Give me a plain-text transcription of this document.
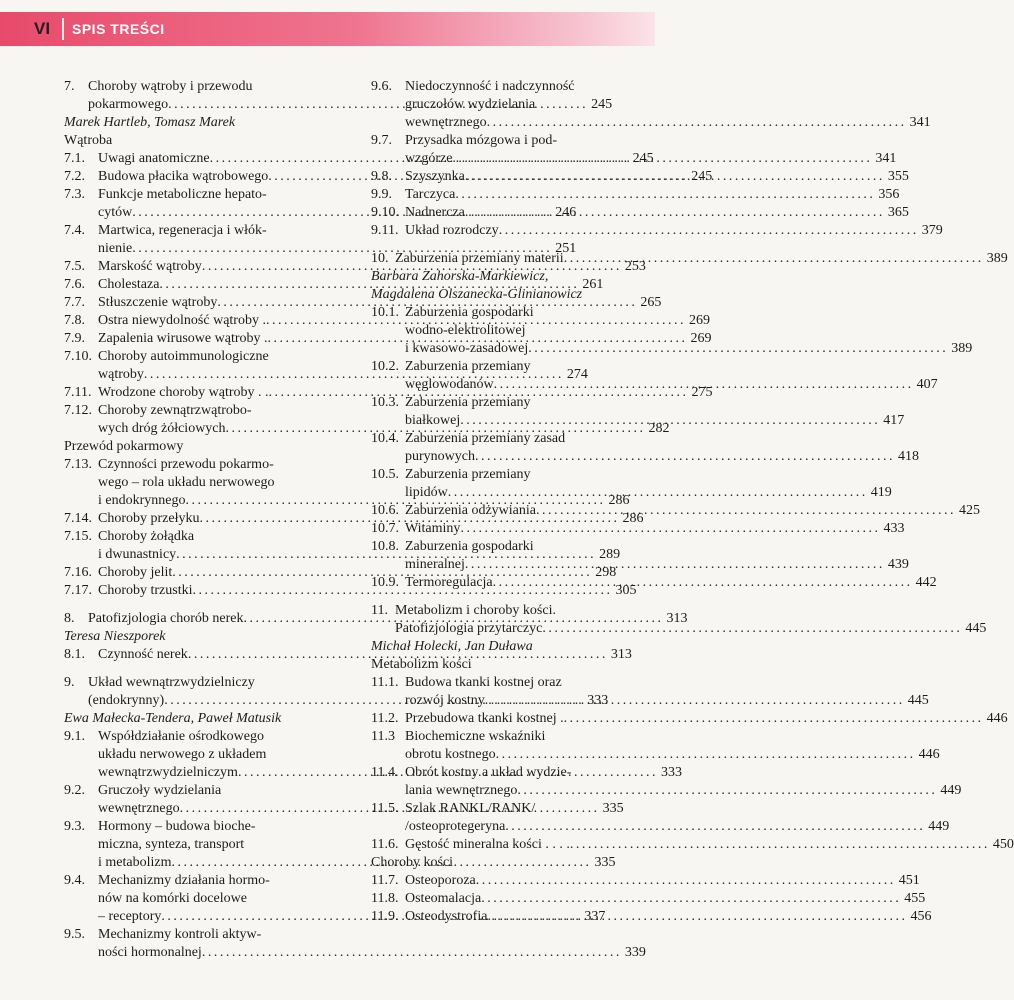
VI SPIS TREŚCI
7. Choroby wątroby i przewodu
pokarmowego . . .	245
Marek Hartleb, Tomasz Marek
Wątroba
7.1. Uwagi anatomiczne . . .	245
7.2. Budowa płacika wątrobowego . . .	245
7.3. Funkcje metaboliczne hepato-
cytów . . .	246
7.4. Martwica, regeneracja i włók-
nienie . . .	251
7.5. Marskość wątroby . . .	253
7.6. Cholestaza . . .	261
7.7. Stłuszczenie wątroby . . .	265
7.8. Ostra niewydolność wątroby . . . .	269
7.9. Zapalenia wirusowe wątroby . . . .	269
7.10. Choroby autoimmunologiczne
wątroby . . .	274
7.11. Wrodzone choroby wątroby . . . . .	275
7.12. Choroby zewnątrzwątrobo-
wych dróg żółciowych . . .	282
Przewód pokarmowy
7.13. Czynności przewodu pokarmo-
wego – rola układu nerwowego
i endokrynnego . . .	286
7.14. Choroby przełyku . . .	286
7.15. Choroby żołądka
i dwunastnicy . . .	289
7.16. Choroby jelit . . .	298
7.17. Choroby trzustki . . .	305
8. Patofizjologia chorób nerek . . .	313
Teresa Nieszporek
8.1. Czynność nerek . . .	313
9. Układ wewnątrzwydzielniczy
(endokrynny) . . .	333
Ewa Małecka-Tendera, Paweł Matusik
9.1. Współdziałanie ośrodkowego
układu nerwowego z układem
wewnątrzwydzielniczym . . .	333
9.2. Gruczoły wydzielania
wewnętrznego . . .	335
9.3. Hormony – budowa bioche-
miczna, synteza, transport
i metabolizm . . .	335
9.4. Mechanizmy działania hormo-
nów na komórki docelowe
– receptory . . .	337
9.5. Mechanizmy kontroli aktyw-
ności hormonalnej . . .	339
9.6. Niedoczynność i nadczynność
gruczołów wydzielania
wewnętrznego . . .	341
9.7. Przysadka mózgowa i pod-
wzgórze . . .	341
9.8. Szyszynka . . .	355
9.9. Tarczyca . . .	356
9.10. Nadnercza . . .	365
9.11. Układ rozrodczy . . .	379
10. Zaburzenia przemiany materii . . .	389
Barbara Zahorska-Markiewicz,
Magdalena Olszanecka-Glinianowicz
10.1. Zaburzenia gospodarki
wodno-elektrolitowej
i kwasowo-zasadowej . . .	389
10.2. Zaburzenia przemiany
węglowodanów . . .	407
10.3. Zaburzenia przemiany
białkowej . . .	417
10.4. Zaburzenia przemiany zasad
purynowych . . .	418
10.5. Zaburzenia przemiany
lipidów . . .	419
10.6. Zaburzenia odżywiania . . .	425
10.7. Witaminy . . .	433
10.8. Zaburzenia gospodarki
mineralnej . . .	439
10.9. Termoregulacja . . .	442
11. Metabolizm i choroby kości.
Patofizjologia przytarczyc . . .	445
Michał Holecki, Jan Duława
Metabolizm kości
11.1. Budowa tkanki kostnej oraz
rozwój kostny . . .	445
11.2. Przebudowa tkanki kostnej . . . .	446
11.3 Biochemiczne wskaźniki
obrotu kostnego . . .	446
11.4. Obrót kostny a układ wydzie-
lania wewnętrznego . . .	449
11.5. Szlak RANKL/RANK/
/osteoprotegeryna . . .	449
11.6. Gęstość mineralna kości . . . . . . .	450
Choroby kości
11.7. Osteoporoza . . .	451
11.8. Osteomalacja . . .	455
11.9. Osteodystrofia . . .	456
